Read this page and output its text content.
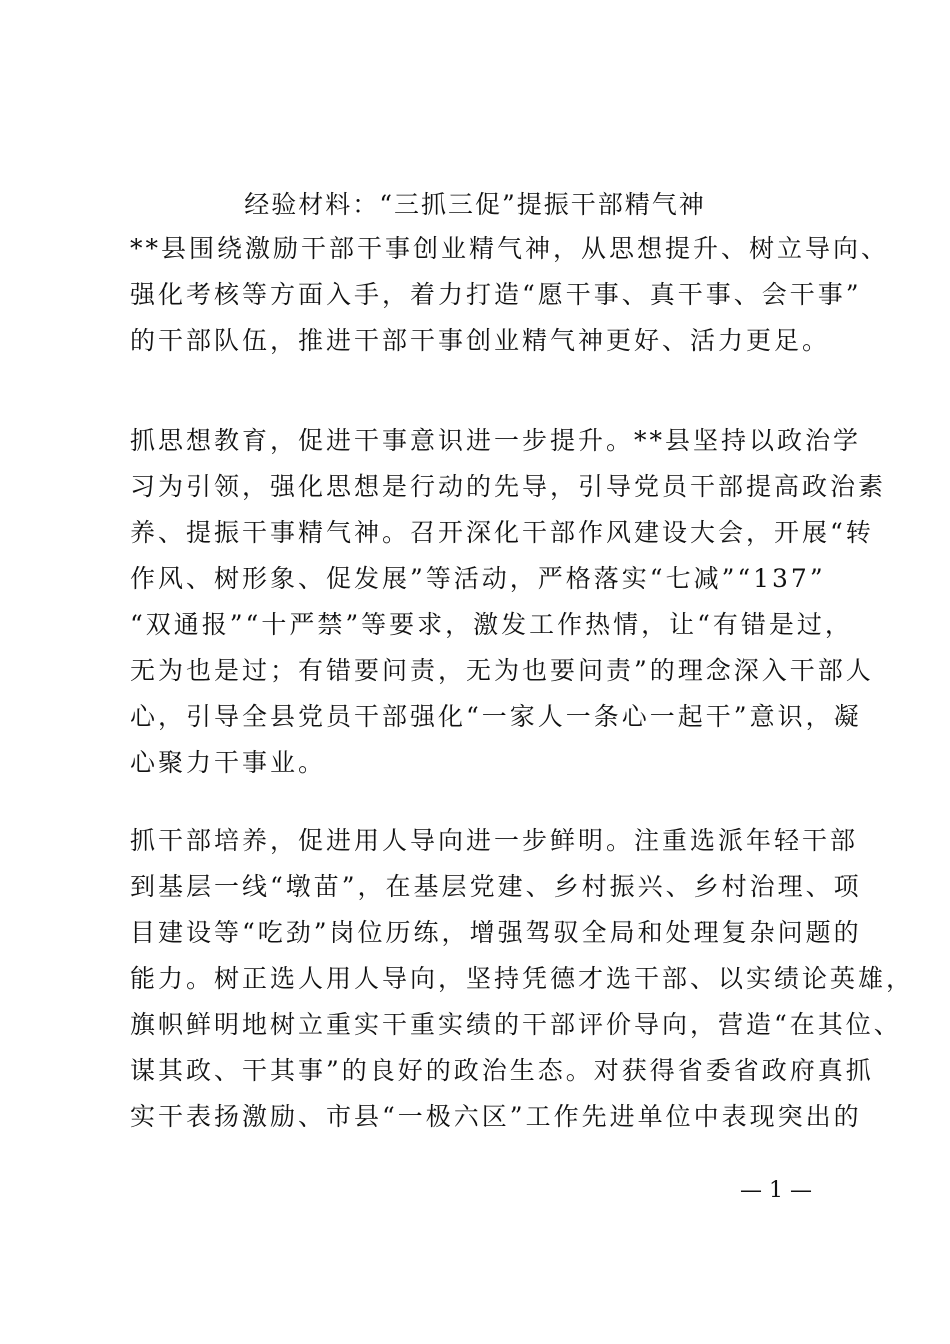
经验材料：“三抓三促”提振干部精气神
**县围绕激励干部干事创业精气神，从思想提升、树立导向、
强化考核等方面入手，着力打造“愿干事、真干事、会干事”
的干部队伍，推进干部干事创业精气神更好、活力更足。
抓思想教育，促进干事意识进一步提升。**县坚持以政治学
习为引领，强化思想是行动的先导，引导党员干部提高政治素
养、提振干事精气神。召开深化干部作风建设大会，开展“转
作风、树形象、促发展”等活动，严格落实“七减”“137”
“双通报”“十严禁”等要求，激发工作热情，让“有错是过，
无为也是过；有错要问责，无为也要问责”的理念深入干部人
心，引导全县党员干部强化“一家人一条心一起干”意识，凝
心聚力干事业。
抓干部培养，促进用人导向进一步鲜明。注重选派年轻干部
到基层一线“墩苗”，在基层党建、乡村振兴、乡村治理、项
目建设等“吃劲”岗位历练，增强驾驭全局和处理复杂问题的
能力。树正选人用人导向，坚持凭德才选干部、以实绩论英雄，
旗帜鲜明地树立重实干重实绩的干部评价导向，营造“在其位、
谋其政、干其事”的良好的政治生态。对获得省委省政府真抓
实干表扬激励、市县“一极六区”工作先进单位中表现突出的
— 1 —
